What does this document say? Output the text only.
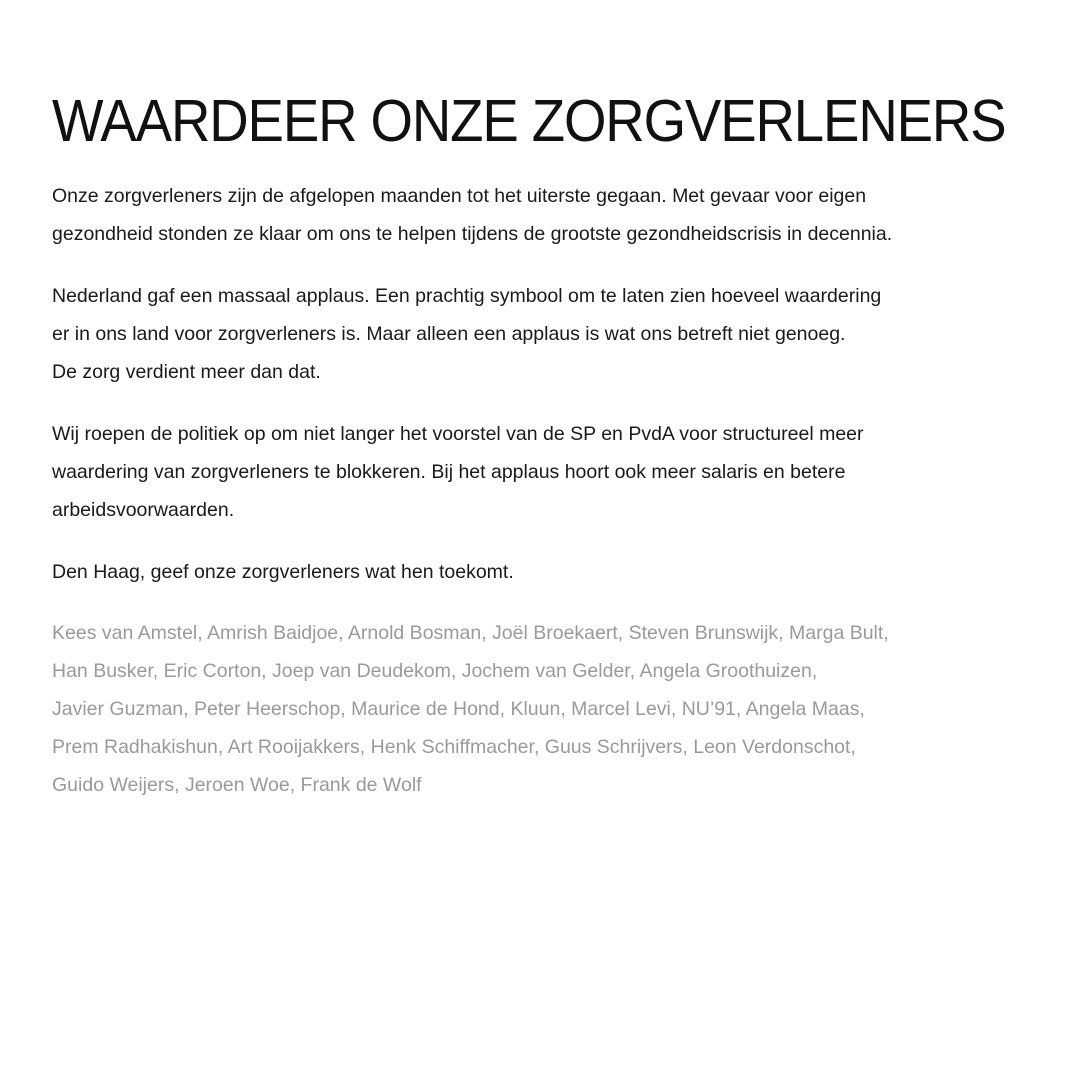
WAARDEER ONZE ZORGVERLENERS

Onze zorgverleners zijn de afgelopen maanden tot het uiterste gegaan. Met gevaar voor eigen
gezondheid stonden ze klaar om ons te helpen tijdens de grootste gezondheidscrisis in decennia.

Nederland gaf een massaal applaus. Een prachtig symbool om te laten zien hoeveel waardering
er in ons land voor zorgverleners is. Maar alleen een applaus is wat ons betreft niet genoeg.
De zorg verdient meer dan dat.

Wij roepen de politiek op om niet langer het voorstel van de SP en PvdA voor structureel meer
waardering van zorgverleners te blokkeren. Bij het applaus hoort ook meer salaris en betere
arbeidsvoorwaarden.

Den Haag, geef onze zorgverleners wat hen toekomt.

Kees van Amstel, Amrish Baidjoe, Arnold Bosman, Joël Broekaert, Steven Brunswijk, Marga Bult,
Han Busker, Eric Corton, Joep van Deudekom, Jochem van Gelder, Angela Groothuizen,
Javier Guzman, Peter Heerschop, Maurice de Hond, Kluun, Marcel Levi, NU’91, Angela Maas,
Prem Radhakishun, Art Rooijakkers, Henk Schiffmacher, Guus Schrijvers, Leon Verdonschot,
Guido Weijers, Jeroen Woe, Frank de Wolf
